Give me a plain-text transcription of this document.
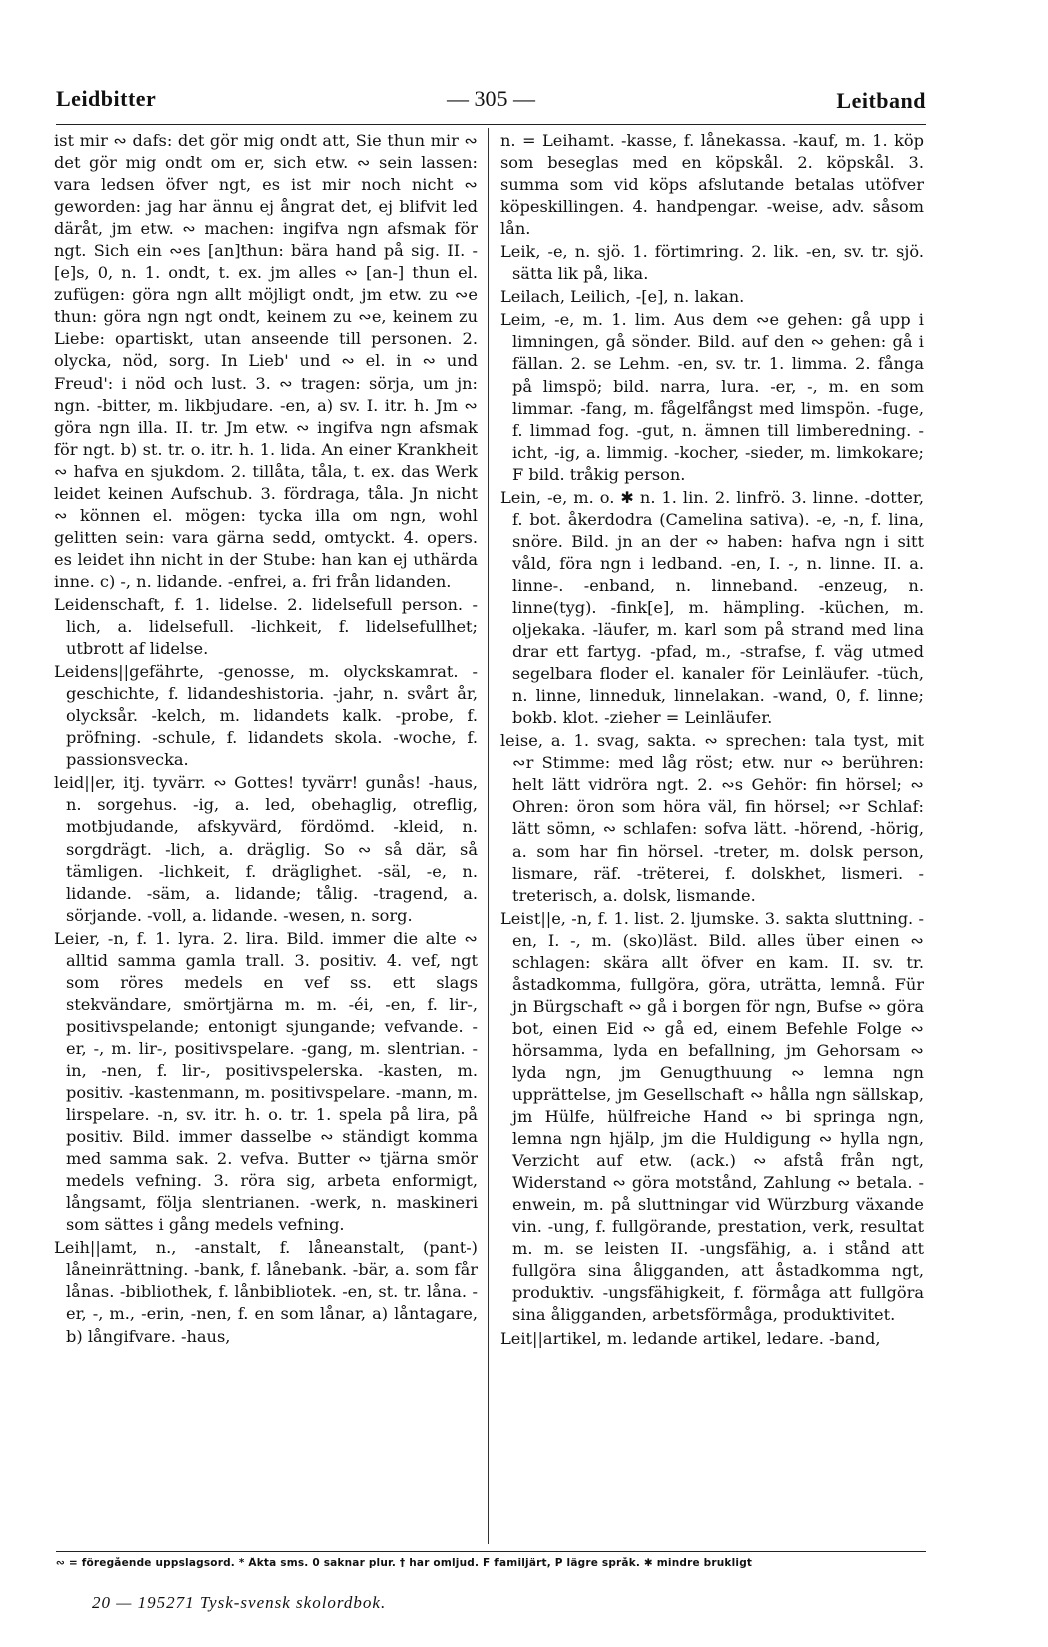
Leidbitter	— 305 —	Leitband

ist mir ∾ dafs: det gör mig ondt att, Sie thun mir ∾ det gör mig ondt om er, sich etw. ∾ sein lassen: vara ledsen öfver ngt, es ist mir noch nicht ∾ geworden: jag har ännu ej ångrat det, ej blifvit led däråt, jm etw. ∾ machen: ingifva ngn afsmak för ngt. Sich ein ∾es [an]thun: bära hand på sig. II. -[e]s, 0, n. 1. ondt, t. ex. jm alles ∾ [an-] thun el. zufügen: göra ngn allt möjligt ondt, jm etw. zu ∾e thun: göra ngn ngt ondt, keinem zu ∾e, keinem zu Liebe: opartiskt, utan anseende till personen. 2. olycka, nöd, sorg. In Lieb' und ∾ el. in ∾ und Freud': i nöd och lust. 3. ∾ tragen: sörja, um jn: ngn. -bitter, m. likbjudare. -en, a) sv. I. itr. h. Jm ∾ göra ngn illa. II. tr. Jm etw. ∾ ingifva ngn afsmak för ngt. b) st. tr. o. itr. h. 1. lida. An einer Krankheit ∾ hafva en sjukdom. 2. tillåta, tåla, t. ex. das Werk leidet keinen Aufschub. 3. fördraga, tåla. Jn nicht ∾ können el. mögen: tycka illa om ngn, wohl gelitten sein: vara gärna sedd, omtyckt. 4. opers. es leidet ihn nicht in der Stube: han kan ej uthärda inne. c) -, n. lidande. -enfrei, a. fri från lidanden.

Leidenschaft, f. 1. lidelse. 2. lidelsefull person. -lich, a. lidelsefull. -lichkeit, f. lidelsefullhet; utbrott af lidelse.

Leidens||gefährte, -genosse, m. olyckskamrat. -geschichte, f. lidandeshistoria. -jahr, n. svårt år, olycksår. -kelch, m. lidandets kalk. -probe, f. pröfning. -schule, f. lidandets skola. -woche, f. passionsvecka.

leid||er, itj. tyvärr. ∾ Gottes! tyvärr! gunås! -haus, n. sorgehus. -ig, a. led, obehaglig, otreflig, motbjudande, afskyvärd, fördömd. -kleid, n. sorgdrägt. -lich, a. dräglig. So ∾ så där, så tämligen. -lichkeit, f. dräglighet. -säl, -e, n. lidande. -säm, a. lidande; tålig. -tragend, a. sörjande. -voll, a. lidande. -wesen, n. sorg.

Leier, -n, f. 1. lyra. 2. lira. Bild. immer die alte ∾ alltid samma gamla trall. 3. positiv. 4. vef, ngt som röres medels en vef ss. ett slags stekvändare, smörtjärna m. m. -éi, -en, f. lir-, positivspelande; entonigt sjungande; vefvande. -er, -, m. lir-, positivspelare. -gang, m. slentrian. -in, -nen, f. lir-, positivspelerska. -kasten, m. positiv. -kastenmann, m. positivspelare. -mann, m. lirspelare. -n, sv. itr. h. o. tr. 1. spela på lira, på positiv. Bild. immer dasselbe ∾ ständigt komma med samma sak. 2. vefva. Butter ∾ tjärna smör medels vefning. 3. röra sig, arbeta enformigt, långsamt, följa slentrianen. -werk, n. maskineri som sättes i gång medels vefning.

Leih||amt, n., -anstalt, f. låneanstalt, (pant-) låneinrättning. -bank, f. lånebank. -bär, a. som får lånas. -bibliothek, f. lånbibliotek. -en, st. tr. låna. -er, -, m., -erin, -nen, f. en som lånar, a) låntagare, b) långifvare. -haus,

n. = Leihamt. -kasse, f. lånekassa. -kauf, m. 1. köp som beseglas med en köpskål. 2. köpskål. 3. summa som vid köps afslutande betalas utöfver köpeskillingen. 4. handpengar. -weise, adv. såsom lån.

Leik, -e, n. sjö. 1. förtimring. 2. lik. -en, sv. tr. sjö. sätta lik på, lika.

Leilach, Leilich, -[e], n. lakan.

Leim, -e, m. 1. lim. Aus dem ∾e gehen: gå upp i limningen, gå sönder. Bild. auf den ∾ gehen: gå i fällan. 2. se Lehm. -en, sv. tr. 1. limma. 2. fånga på limspö; bild. narra, lura. -er, -, m. en som limmar. -fang, m. fågelfångst med limspön. -fuge, f. limmad fog. -gut, n. ämnen till limberedning. -icht, -ig, a. limmig. -kocher, -sieder, m. limkokare; F bild. tråkig person.

Lein, -e, m. o. ✱ n. 1. lin. 2. linfrö. 3. linne. -dotter, f. bot. åkerdodra (Camelina sativa). -e, -n, f. lina, snöre. Bild. jn an der ∾ haben: hafva ngn i sitt våld, föra ngn i ledband. -en, I. -, n. linne. II. a. linne-. -enband, n. linneband. -enzeug, n. linne(tyg). -fink[e], m. hämpling. -küchen, m. oljekaka. -läufer, m. karl som på strand med lina drar ett fartyg. -pfad, m., -strafse, f. väg utmed segelbara floder el. kanaler för Leinläufer. -tüch, n. linne, linneduk, linnelakan. -wand, 0, f. linne; bokb. klot. -zieher = Leinläufer.

leise, a. 1. svag, sakta. ∾ sprechen: tala tyst, mit ∾r Stimme: med låg röst; etw. nur ∾ berühren: helt lätt vidröra ngt. 2. ∾s Gehör: fin hörsel; ∾ Ohren: öron som höra väl, fin hörsel; ∾r Schlaf: lätt sömn, ∾ schlafen: sofva lätt. -hörend, -hörig, a. som har fin hörsel. -treter, m. dolsk person, lismare, räf. -trëterei, f. dolskhet, lismeri. -treterisch, a. dolsk, lismande.

Leist||e, -n, f. 1. list. 2. ljumske. 3. sakta sluttning. -en, I. -, m. (sko)läst. Bild. alles über einen ∾ schlagen: skära allt öfver en kam. II. sv. tr. åstadkomma, fullgöra, göra, uträtta, lemnå. Für jn Bürgschaft ∾ gå i borgen för ngn, Bufse ∾ göra bot, einen Eid ∾ gå ed, einem Befehle Folge ∾ hörsamma, lyda en befallning, jm Gehorsam ∾ lyda ngn, jm Genugthuung ∾ lemna ngn upprättelse, jm Gesellschaft ∾ hålla ngn sällskap, jm Hülfe, hülfreiche Hand ∾ bi springa ngn, lemna ngn hjälp, jm die Huldigung ∾ hylla ngn, Verzicht auf etw. (ack.) ∾ afstå från ngt, Widerstand ∾ göra motstånd, Zahlung ∾ betala. -enwein, m. på sluttningar vid Würzburg växande vin. -ung, f. fullgörande, prestation, verk, resultat m. m. se leisten II. -ungsfähig, a. i stånd att fullgöra sina åligganden, att åstadkomma ngt, produktiv. -ungsfähigkeit, f. förmåga att fullgöra sina åligganden, arbetsförmåga, produktivitet.

Leit||artikel, m. ledande artikel, ledare. -band,

∾ = föregående uppslagsord. * Äkta sms. 0 saknar plur. † har omljud. F familjärt, P lägre språk. ✱ mindre brukligt
20 — 195271 Tysk-svensk skolordbok.
